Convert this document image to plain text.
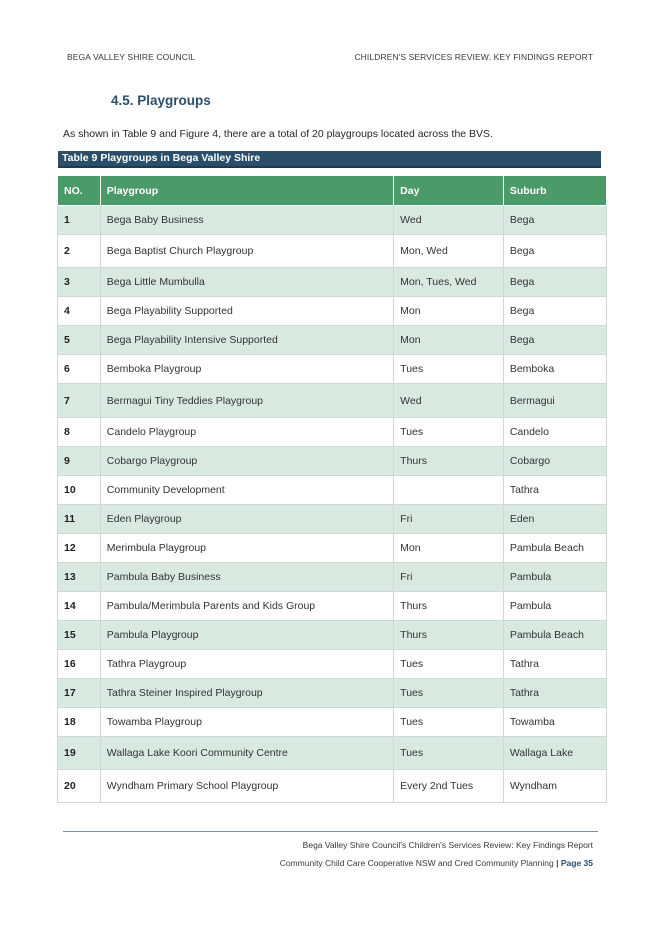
BEGA VALLEY SHIRE COUNCIL	CHILDREN'S SERVICES REVIEW: KEY FINDINGS REPORT
4.5. Playgroups
As shown in Table 9 and Figure 4, there are a total of 20 playgroups located across the BVS.
Table 9 Playgroups in Bega Valley Shire
NO.	Playgroup	Day	Suburb
1	Bega Baby Business	Wed	Bega
2	Bega Baptist Church Playgroup	Mon, Wed	Bega
3	Bega Little Mumbulla	Mon, Tues, Wed	Bega
4	Bega Playability Supported	Mon	Bega
5	Bega Playability Intensive Supported	Mon	Bega
6	Bemboka Playgroup	Tues	Bemboka
7	Bermagui Tiny Teddies Playgroup	Wed	Bermagui
8	Candelo Playgroup	Tues	Candelo
9	Cobargo Playgroup	Thurs	Cobargo
10	Community Development		Tathra
11	Eden Playgroup	Fri	Eden
12	Merimbula Playgroup	Mon	Pambula Beach
13	Pambula Baby Business	Fri	Pambula
14	Pambula/Merimbula Parents and Kids Group	Thurs	Pambula
15	Pambula Playgroup	Thurs	Pambula Beach
16	Tathra Playgroup	Tues	Tathra
17	Tathra Steiner Inspired Playgroup	Tues	Tathra
18	Towamba Playgroup	Tues	Towamba
19	Wallaga Lake Koori Community Centre	Tues	Wallaga Lake
20	Wyndham Primary School Playgroup	Every 2nd Tues	Wyndham
Bega Valley Shire Council's Children's Services Review: Key Findings Report
Community Child Care Cooperative NSW and Cred Community Planning | Page 35
